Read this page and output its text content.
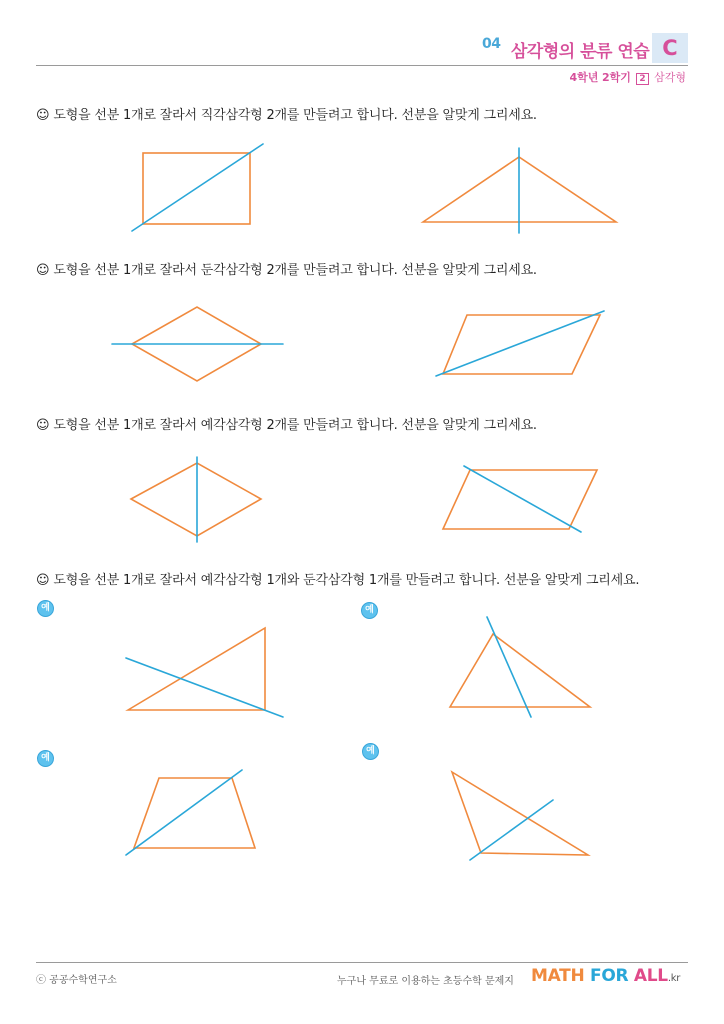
04 삼각형의 분류 연습 C
4학년 2학기 2 삼각형
☺ 도형을 선분 1개로 잘라서 직각삼각형 2개를 만들려고 합니다. 선분을 알맞게 그리세요.
☺ 도형을 선분 1개로 잘라서 둔각삼각형 2개를 만들려고 합니다. 선분을 알맞게 그리세요.
☺ 도형을 선분 1개로 잘라서 예각삼각형 2개를 만들려고 합니다. 선분을 알맞게 그리세요.
☺ 도형을 선분 1개로 잘라서 예각삼각형 1개와 둔각삼각형 1개를 만들려고 합니다. 선분을 알맞게 그리세요.
예	예
예
예
ⓒ 공공수학연구소	누구나 무료로 이용하는 초등수학 문제지 MATH FOR ALL.kr
